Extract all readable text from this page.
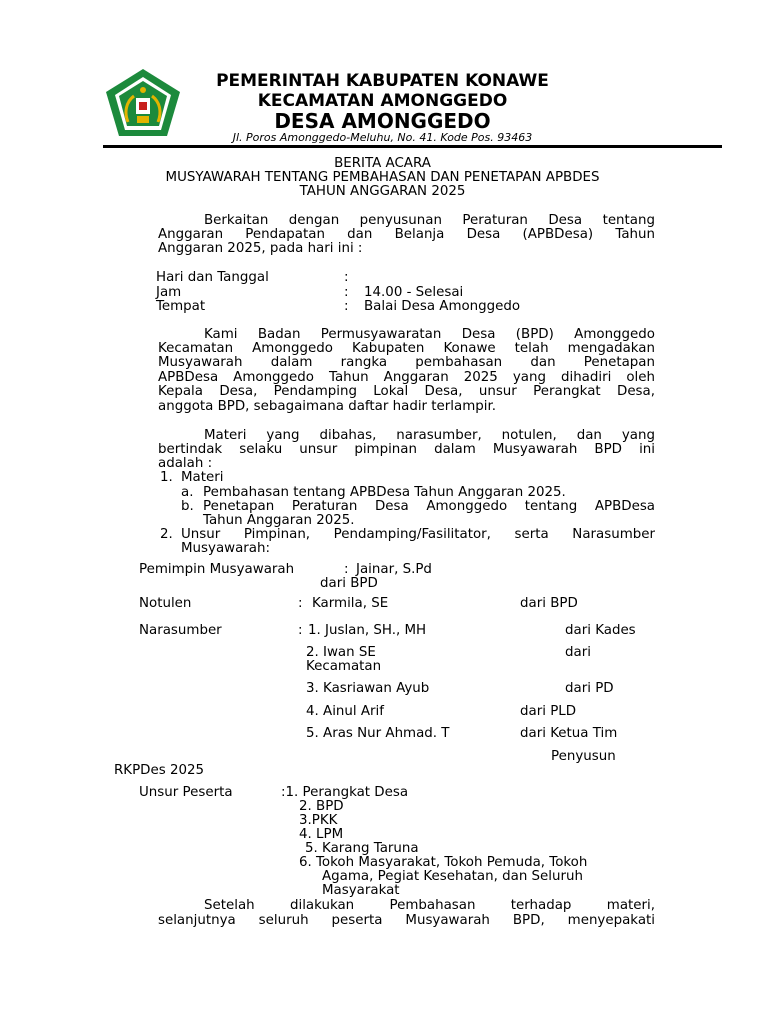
PEMERINTAH KABUPATEN KONAWE
KECAMATAN AMONGGEDO
DESA AMONGGEDO
Jl. Poros Amonggedo-Meluhu, No. 41. Kode Pos. 93463
BERITA ACARA
MUSYAWARAH TENTANG PEMBAHASAN DAN PENETAPAN APBDES
TAHUN ANGGARAN 2025
Berkaitan dengan penyusunan Peraturan Desa tentang
Anggaran Pendapatan dan Belanja Desa (APBDesa) Tahun
Anggaran 2025, pada hari ini :
Hari dan Tanggal	:
Jam	: 14.00 - Selesai
Tempat	: Balai Desa Amonggedo
Kami Badan Permusyawaratan Desa (BPD) Amonggedo
Kecamatan Amonggedo Kabupaten Konawe telah mengadakan
Musyawarah dalam rangka pembahasan dan Penetapan
APBDesa Amonggedo Tahun Anggaran 2025 yang dihadiri oleh
Kepala Desa, Pendamping Lokal Desa, unsur Perangkat Desa,
anggota BPD, sebagaimana daftar hadir terlampir.
Materi yang dibahas, narasumber, notulen, dan yang
bertindak selaku unsur pimpinan dalam Musyawarah BPD ini
adalah :
1. Materi
a. Pembahasan tentang APBDesa Tahun Anggaran 2025.
b. Penetapan Peraturan Desa Amonggedo tentang APBDesa
Tahun Anggaran 2025.
2. Unsur Pimpinan, Pendamping/Fasilitator, serta Narasumber
Musyawarah:
Pemimpin Musyawarah	: Jainar, S.Pd
dari BPD
Notulen	: Karmila, SE	dari BPD
Narasumber	: 1. Juslan, SH., MH	dari Kades
2. Iwan SE	dari
Kecamatan
3. Kasriawan Ayub	dari PD
4. Ainul Arif	dari PLD
5. Aras Nur Ahmad. T	dari Ketua Tim
Penyusun
RKPDes 2025
Unsur Peserta	:1. Perangkat Desa
2. BPD
3.PKK
4. LPM
5. Karang Taruna
6. Tokoh Masyarakat, Tokoh Pemuda, Tokoh
Agama, Pegiat Kesehatan, dan Seluruh
Masyarakat
Setelah dilakukan Pembahasan terhadap materi,
selanjutnya seluruh peserta Musyawarah BPD, menyepakati
